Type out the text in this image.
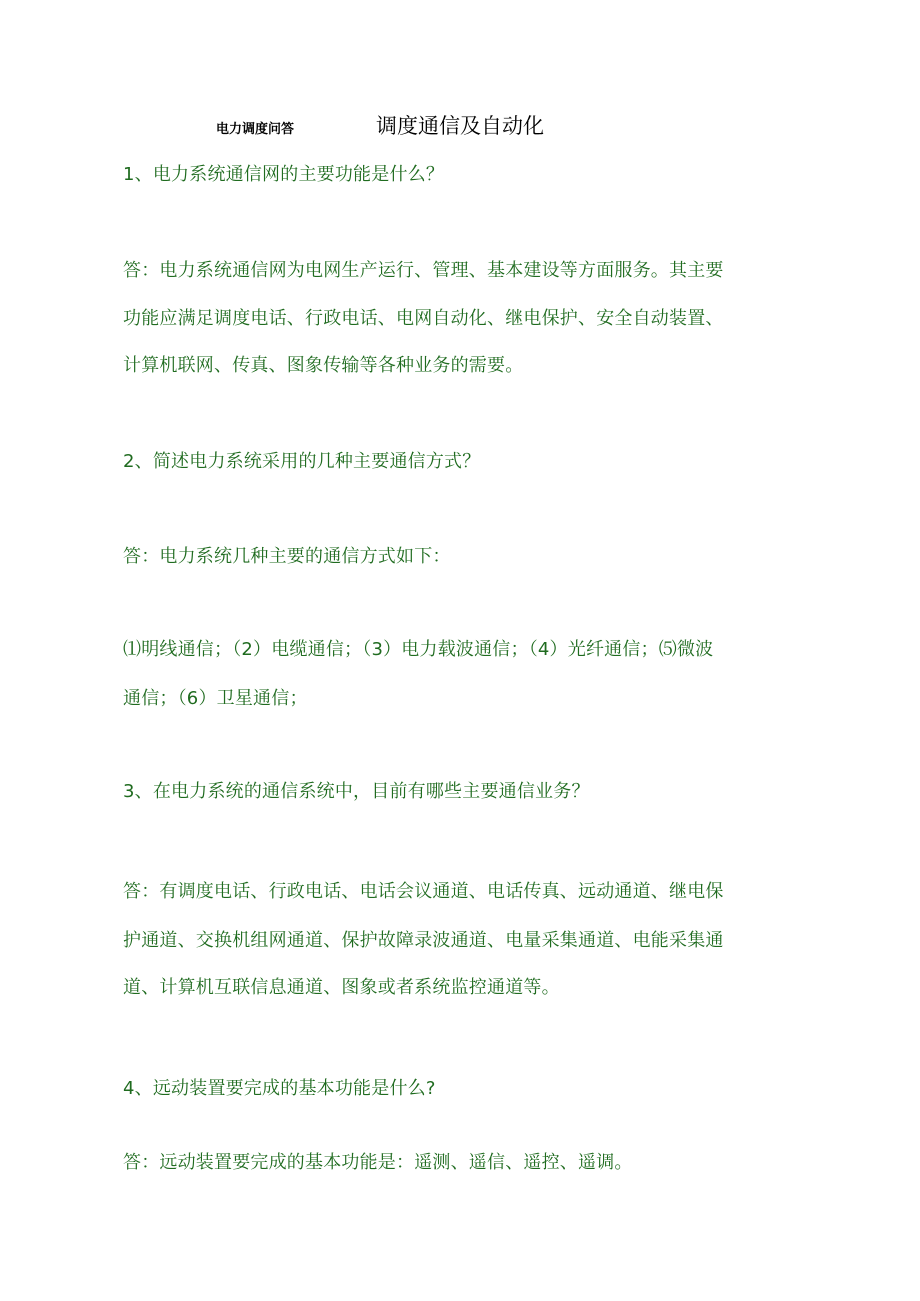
电力调度问答	调度通信及自动化
1、电力系统通信网的主要功能是什么？
答：电力系统通信网为电网生产运行、管理、基本建设等方面服务。其主要
功能应满足调度电话、行政电话、电网自动化、继电保护、安全自动装置、
计算机联网、传真、图象传输等各种业务的需要。
2、简述电力系统采用的几种主要通信方式？
答：电力系统几种主要的通信方式如下：
⑴明线通信；（2）电缆通信；（3）电力载波通信；（4）光纤通信；⑸微波
通信；（6）卫星通信；
3、在电力系统的通信系统中，目前有哪些主要通信业务？
答：有调度电话、行政电话、电话会议通道、电话传真、远动通道、继电保
护通道、交换机组网通道、保护故障录波通道、电量采集通道、电能采集通
道、计算机互联信息通道、图象或者系统监控通道等。
4、远动装置要完成的基本功能是什么?
答：远动装置要完成的基本功能是：遥测、遥信、遥控、遥调。
